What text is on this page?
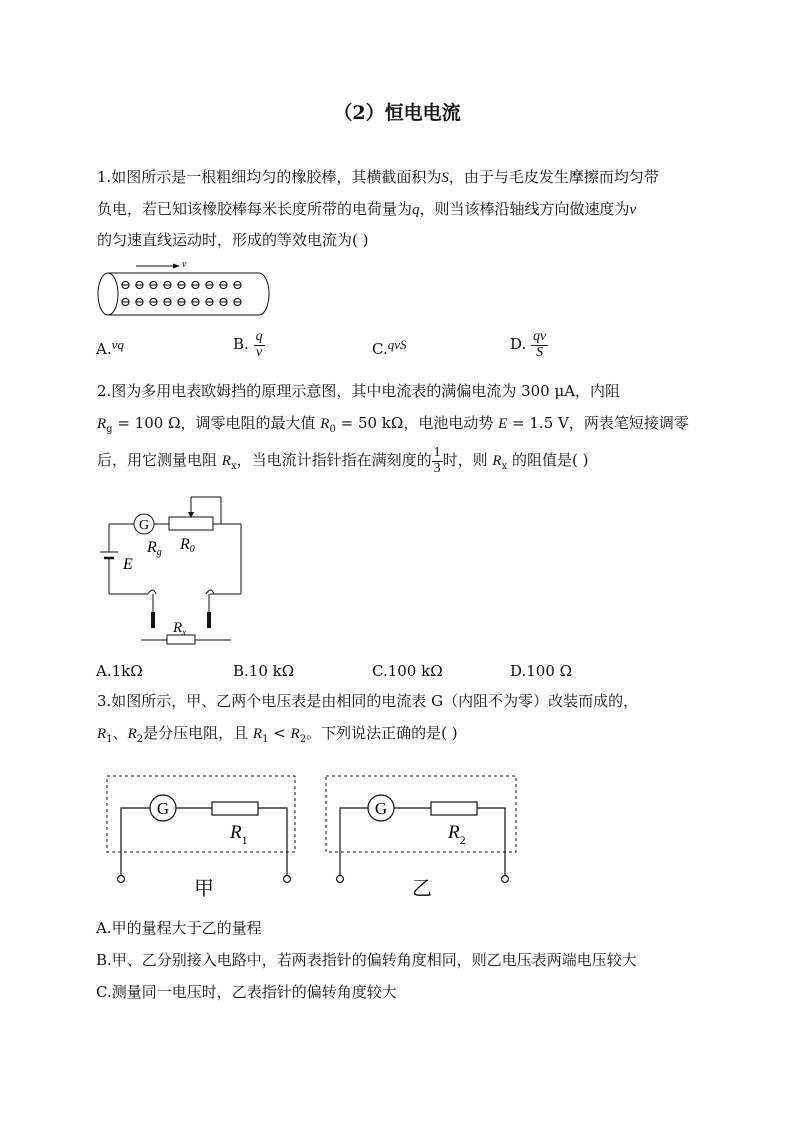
（2）恒电电流
1.如图所示是一根粗细均匀的橡胶棒，其横截面积为S，由于与毛皮发生摩擦而均匀带
负电，若已知该橡胶棒每米长度所带的电荷量为q，则当该棒沿轴线方向做速度为v
的匀速直线运动时，形成的等效电流为( )
v
⊖ ⊖ ⊖ ⊖ ⊖ ⊖ ⊖ ⊖ ⊖
⊖ ⊖ ⊖ ⊖ ⊖ ⊖ ⊖ ⊖ ⊖
A.vq	B. $\frac{q}{v}$	C.qvS	D. $\frac{qv}{S}$
2.图为多用电表欧姆挡的原理示意图，其中电流表的满偏电流为 300 μA，内阻
$R_g = 100$ Ω，调零电阻的最大值 $R_0 = 50$ kΩ，电池电动势 E = 1.5 V，两表笔短接调零
后，用它测量电阻 $R_x$，当电流计指针指在满刻度的 $\frac{1}{3}$ 时，则 $R_x$ 的阻值是( )
G
Rg R0
E
$R_x$
A.1kΩ	B.10 kΩ	C.100 kΩ	D.100 Ω
3.如图所示，甲、乙两个电压表是由相同的电流表 G（内阻不为零）改装而成的，
$R_1$、$R_2$是分压电阻，且 $R_1 < R_2$。下列说法正确的是( )
G
$R_1$
甲
G
$R_2$
乙
A.甲的量程大于乙的量程
B.甲、乙分别接入电路中，若两表指针的偏转角度相同，则乙电压表两端电压较大
C.测量同一电压时，乙表指针的偏转角度较大
